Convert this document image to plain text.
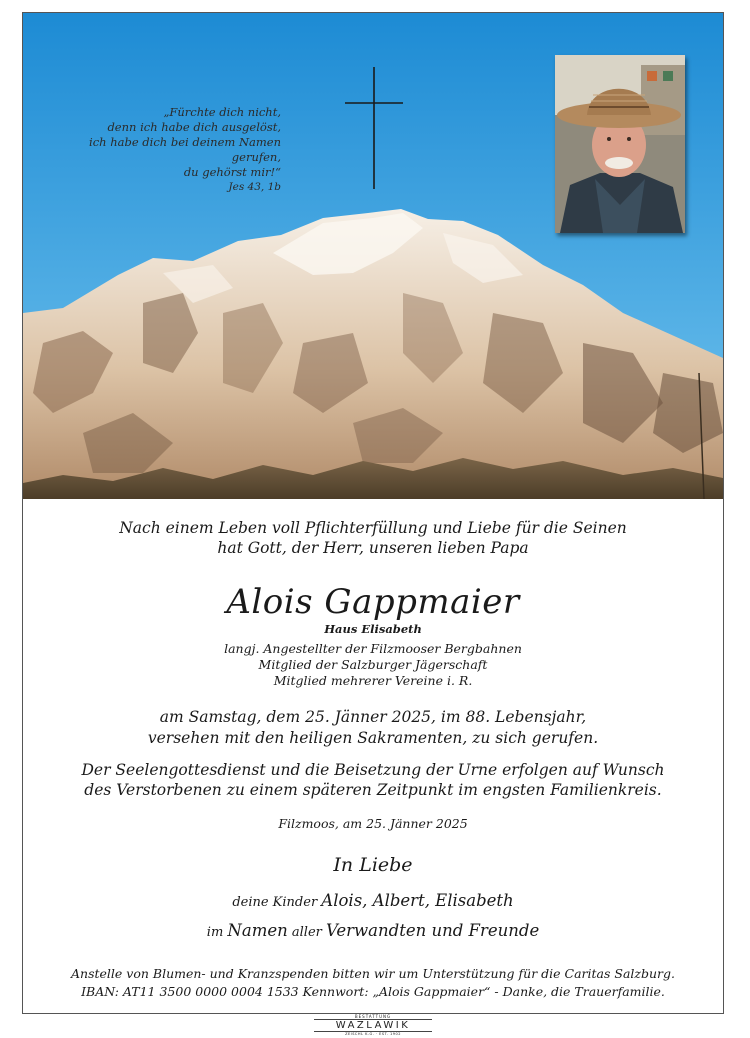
„Fürchte dich nicht,
denn ich habe dich ausgelöst,
ich habe dich bei deinem Namen gerufen,
du gehörst mir!“
Jes 43, 1b
Nach einem Leben voll Pflichterfüllung und Liebe für die Seinen
hat Gott, der Herr, unseren lieben Papa
Alois Gappmaier
Haus Elisabeth
langj. Angestellter der Filzmooser Bergbahnen
Mitglied der Salzburger Jägerschaft
Mitglied mehrerer Vereine i. R.
am Samstag, dem 25. Jänner 2025, im 88. Lebensjahr,
versehen mit den heiligen Sakramenten, zu sich gerufen.
Der Seelengottesdienst und die Beisetzung der Urne erfolgen auf Wunsch
des Verstorbenen zu einem späteren Zeitpunkt im engsten Familienkreis.
Filzmoos, am 25. Jänner 2025
In Liebe
deine Kinder Alois, Albert, Elisabeth
im Namen aller Verwandten und Freunde
Anstelle von Blumen- und Kranzspenden bitten wir um Unterstützung für die Caritas Salzburg.
IBAN: AT11 3500 0000 0004 1533 Kennwort: „Alois Gappmaier“ - Danke, die Trauerfamilie.
BESTATTUNG
WAZLAWIK
ZEISCHL K.G. · EST. 1902
